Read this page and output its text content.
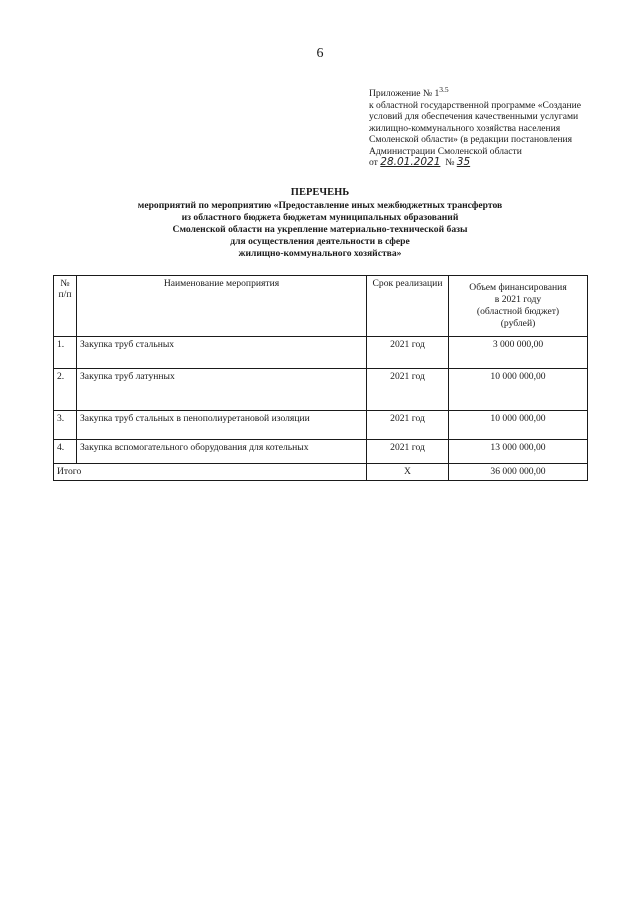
6
Приложение № $1^{3.5}$
к областной государственной программе «Создание
условий для обеспечения качественными услугами
жилищно-коммунального хозяйства населения
Смоленской области» (в редакции постановления
Администрации Смоленской области
от 28.01.2021 № 35
ПЕРЕЧЕНЬ
мероприятий по мероприятию «Предоставление иных межбюджетных трансфертов
из областного бюджета бюджетам муниципальных образований
Смоленской области на укрепление материально-технической базы
для осуществления деятельности в сфере
жилищно-коммунального хозяйства»
№ п/п	Наименование мероприятия	Срок реализации	Объем финансирования
в 2021 году
(областной бюджет)
(рублей)

1.	Закупка труб стальных	2021 год	3 000 000,00
2.	Закупка труб латунных	2021 год	10 000 000,00
3.	Закупка труб стальных в пенополиуретановой изоляции	2021 год	10 000 000,00
4.	Закупка вспомогательного оборудования для котельных	2021 год	13 000 000,00
Итого		X	36 000 000,00
